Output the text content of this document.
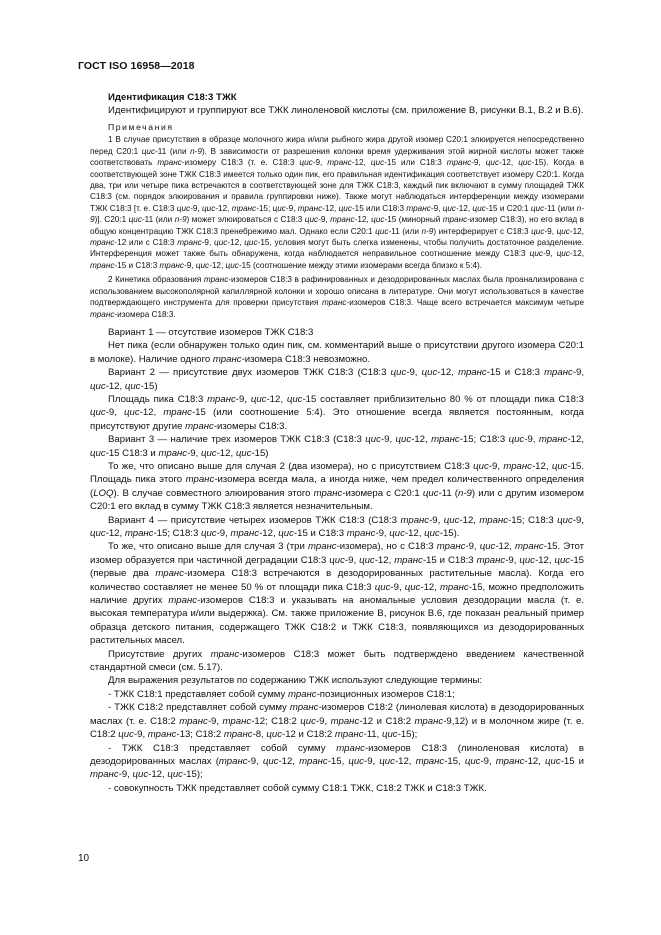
ГОСТ ISO 16958—2018
Идентификация C18:3 ТЖК

Идентифицируют и группируют все ТЖК линоленовой кислоты (см. приложение В, рисунки В.1, В.2 и В.6).

Примечания

1 В случае присутствия в образце молочного жира и/или рыбного жира другой изомер C20:1 элюируется непосредственно перед C20:1 цис-11 (или n-9). В зависимости от разрешения колонки время удерживания этой жирной кислоты может также соответствовать транс-изомеру C18:3 (т. е. C18:3 цис-9, транс-12, цис-15 или C18:3 транс-9, цис-12, цис-15). Когда в соответствующей зоне ТЖК C18:3 имеется только один пик, его правильная идентификация соответствует изомеру C20:1. Когда два, три или четыре пика встречаются в соответствующей зоне для ТЖК C18:3, каждый пик включают в сумму площадей ТЖК C18:3 (см. порядок элюирования и правила группировки ниже). Также могут наблюдаться интерференции между изомерами ТЖК C18:3 [т. е. C18:3 цис-9, цис-12, транс-15; цис-9, транс-12, цис-15 или C18:3 транс-9, цис-12, цис-15 и C20:1 цис-11 (или n-9)]. C20:1 цис-11 (или n-9) может элюироваться с C18:3 цис-9, транс-12, цис-15 (минорный транс-изомер C18:3), но его вклад в общую концентрацию ТЖК C18:3 пренебрежимо мал. Однако если C20:1 цис-11 (или n-9) интерферирует с C18:3 цис-9, цис-12, транс-12 или с C18:3 транс-9, цис-12, цис-15, условия могут быть слегка изменены, чтобы получить достаточное разделение. Интерференция может также быть обнаружена, когда наблюдается неправильное соотношение между C18:3 цис-9, цис-12, транс-15 и C18:3 транс-9, цис-12, цис-15 (соотношение между этими изомерами всегда близко к 5:4).

2 Кинетика образования транс-изомеров C18:3 в рафинированных и дезодорированных маслах была проанализирована с использованием высокополярной капиллярной колонки и хорошо описана в литературе. Они могут использоваться в качестве подтверждающего инструмента для проверки присутствия транс-изомеров C18:3. Чаще всего встречается максимум четыре транс-изомера C18:3.

Вариант 1 — отсутствие изомеров ТЖК C18:3

Нет пика (если обнаружен только один пик, см. комментарий выше о присутствии другого изомера C20:1 в молоке). Наличие одного транс-изомера C18:3 невозможно.

Вариант 2 — присутствие двух изомеров ТЖК C18:3 (C18:3 цис-9, цис-12, транс-15 и C18:3 транс-9, цис-12, цис-15)

Площадь пика C18:3 транс-9, цис-12, цис-15 составляет приблизительно 80 % от площади пика C18:3 цис-9, цис-12, транс-15 (или соотношение 5:4). Это отношение всегда является постоянным, когда присутствуют другие транс-изомеры C18:3.

Вариант 3 — наличие трех изомеров ТЖК C18:3 (C18:3 цис-9, цис-12, транс-15; C18:3 цис-9, транс-12, цис-15 C18:3 и транс-9, цис-12, цис-15)

То же, что описано выше для случая 2 (два изомера), но с присутствием C18:3 цис-9, транс-12, цис-15. Площадь пика этого транс-изомера всегда мала, а иногда ниже, чем предел количественного определения (LOQ). В случае совместного элюирования этого транс-изомера с C20:1 цис-11 (n-9) или с другим изомером C20:1 его вклад в сумму ТЖК C18:3 является незначительным.

Вариант 4 — присутствие четырех изомеров ТЖК C18:3 (C18:3 транс-9, цис-12, транс-15; C18:3 цис-9, цис-12, транс-15; C18:3 цис-9, транс-12, цис-15 и C18:3 транс-9, цис-12, цис-15).

То же, что описано выше для случая 3 (три транс-изомера), но с C18:3 транс-9, цис-12, транс-15. Этот изомер образуется при частичной деградации C18:3 цис-9, цис-12, транс-15 и C18:3 транс-9, цис-12, цис-15 (первые два транс-изомера C18:3 встречаются в дезодорированных растительные масла). Когда его количество составляет не менее 50 % от площади пика C18:3 цис-9, цис-12, транс-15, можно предположить наличие других транс-изомеров C18:3 и указывать на аномальные условия дезодорации масла (т. е. высокая температура и/или выдержка). См. также приложение В, рисунок В.6, где показан реальный пример образца детского питания, содержащего ТЖК C18:2 и ТЖК C18:3, появляющихся из дезодорированных растительных масел.

Присутствие других транс-изомеров C18:3 может быть подтверждено введением качественной стандартной смеси (см. 5.17).

Для выражения результатов по содержанию ТЖК используют следующие термины:

- ТЖК C18:1 представляет собой сумму транс-позиционных изомеров C18:1;

- ТЖК C18:2 представляет собой сумму транс-изомеров C18:2 (линолевая кислота) в дезодорированных маслах (т. е. C18:2 транс-9, транс-12; C18:2 цис-9, транс-12 и C18:2 транс-9,12) и в молочном жире (т. е. C18:2 цис-9, транс-13; C18:2 транс-8, цис-12 и C18:2 транс-11, цис-15);

- ТЖК C18:3 представляет собой сумму транс-изомеров C18:3 (линоленовая кислота) в дезодорированных маслах (транс-9, цис-12, транс-15, цис-9, цис-12, транс-15, цис-9, транс-12, цис-15 и транс-9, цис-12, цис-15);

- совокупность ТЖК представляет собой сумму C18:1 ТЖК, C18:2 ТЖК и C18:3 ТЖК.

10
